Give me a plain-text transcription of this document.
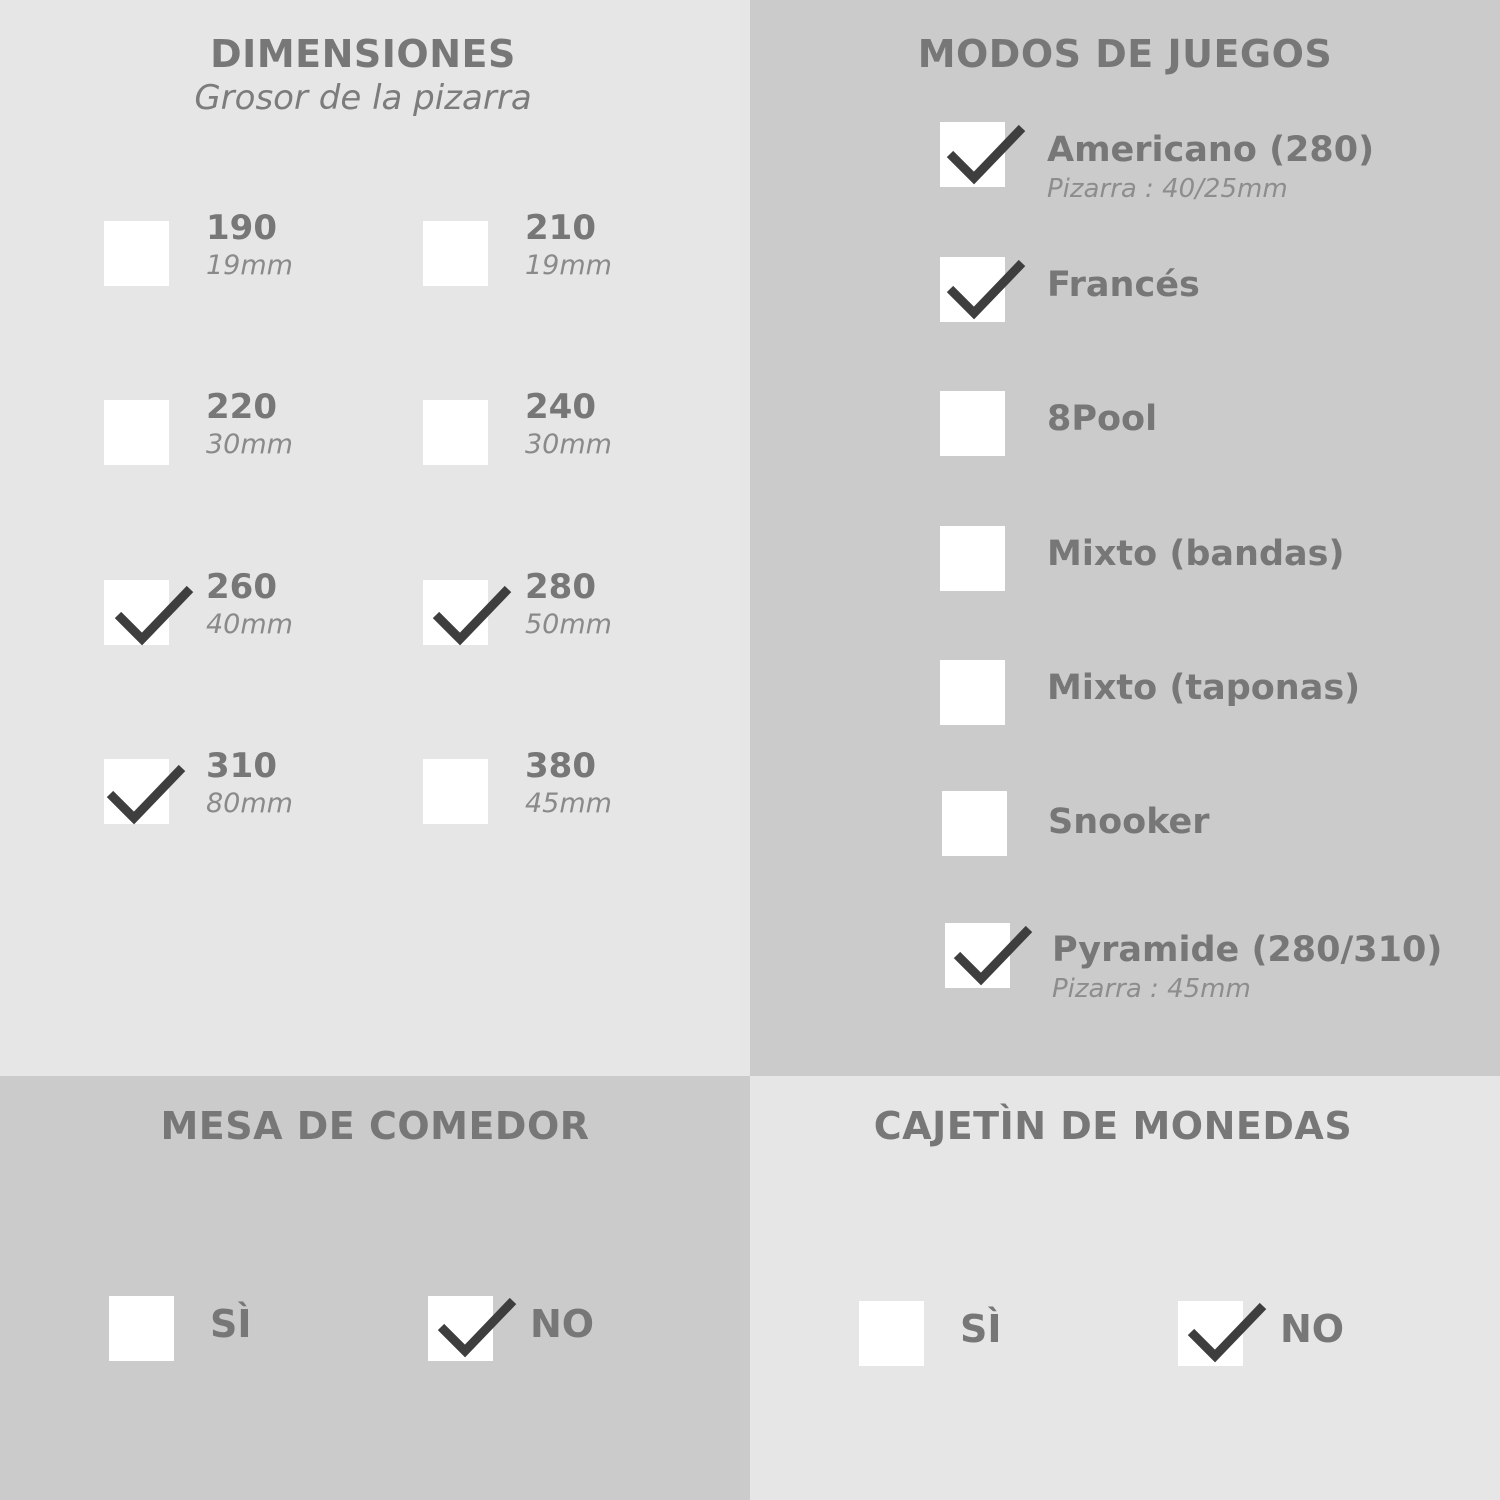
DIMENSIONES
Grosor de la pizarra
190
19mm
210
19mm
220
30mm
240
30mm
260
40mm
280
50mm
310
80mm
380
45mm
MODOS DE JUEGOS
Americano (280)
Pizarra : 40/25mm
Francés
8Pool
Mixto (bandas)
Mixto (taponas)
Snooker
Pyramide (280/310)
Pizarra : 45mm
MESA DE COMEDOR
SÌ	NO
CAJETÌN DE MONEDAS
SÌ	NO
